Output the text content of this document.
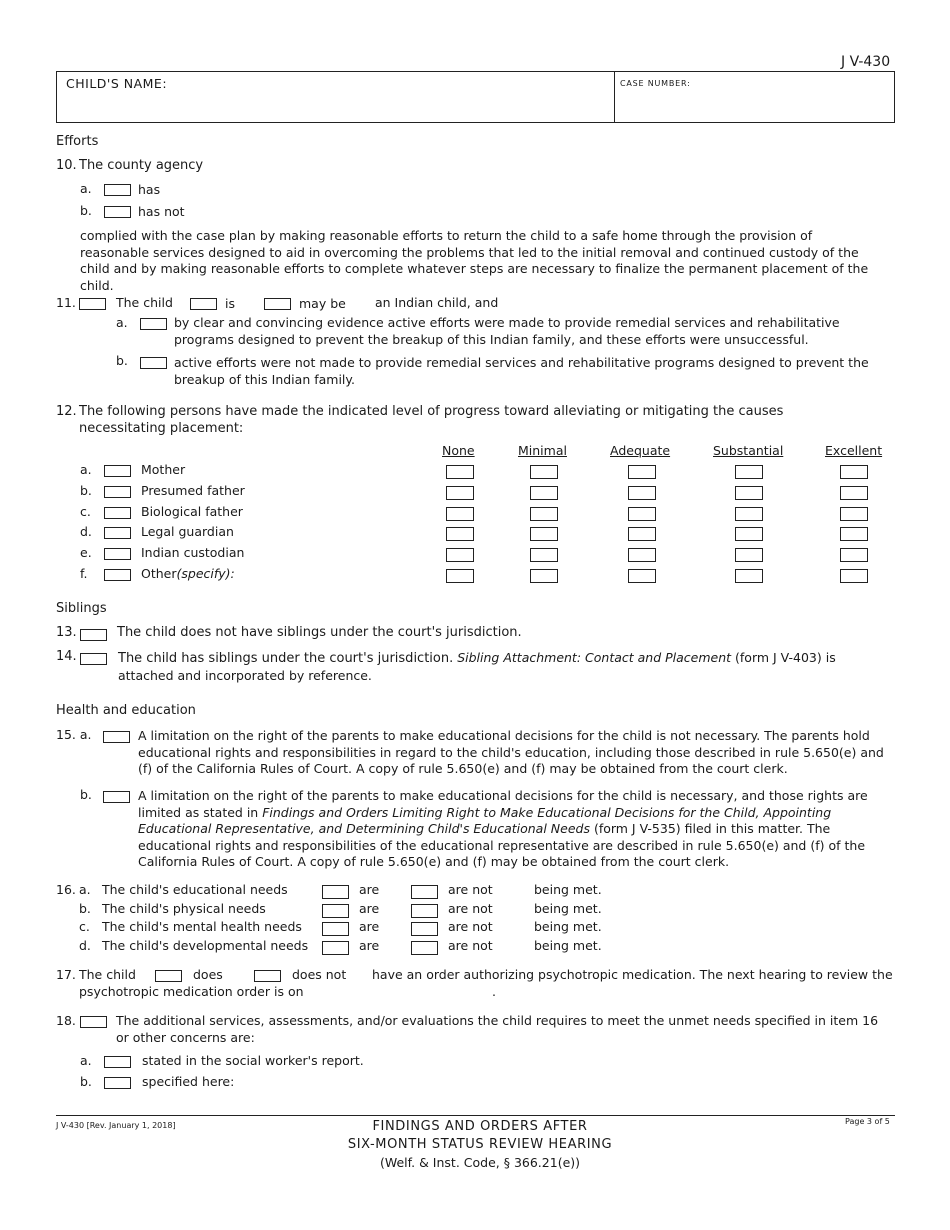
J V-430
CHILD'S NAME:	CASE NUMBER:
Efforts
10. The county agency
a.	has
b.	has not
complied with the case plan by making reasonable efforts to return the child to a safe home through the provision of reasonable services designed to aid in overcoming the problems that led to the initial removal and continued custody of the child and by making reasonable efforts to complete whatever steps are necessary to finalize the permanent placement of the child.
11.	The child	is	may be an Indian child, and
a.	by clear and convincing evidence active efforts were made to provide remedial services and rehabilitative programs designed to prevent the breakup of this Indian family, and these efforts were unsuccessful.
b.	active efforts were not made to provide remedial services and rehabilitative programs designed to prevent the breakup of this Indian family.
12. The following persons have made the indicated level of progress toward alleviating or mitigating the causes necessitating placement:
None	Minimal	Adequate	Substantial	Excellent
a.	Mother
b.	Presumed father
c.	Biological father
d.	Legal guardian
e.	Indian custodian
f.	Other(specify):
Siblings
13.	The child does not have siblings under the court's jurisdiction.
14.	The child has siblings under the court's jurisdiction. Sibling Attachment: Contact and Placement (form J V-403) is attached and incorporated by reference.
Health and education
15. a.	A limitation on the right of the parents to make educational decisions for the child is not necessary. The parents hold educational rights and responsibilities in regard to the child's education, including those described in rule 5.650(e) and (f) of the California Rules of Court. A copy of rule 5.650(e) and (f) may be obtained from the court clerk.
b.	A limitation on the right of the parents to make educational decisions for the child is necessary, and those rights are limited as stated in Findings and Orders Limiting Right to Make Educational Decisions for the Child, Appointing Educational Representative, and Determining Child's Educational Needs (form J V-535) filed in this matter. The educational rights and responsibilities of the educational representative are described in rule 5.650(e) and (f) of the California Rules of Court. A copy of rule 5.650(e) and (f) may be obtained from the court clerk.
16. a. The child's educational needs	are	are not	being met.
b. The child's physical needs	are	are not	being met.
c. The child's mental health needs	are	are not	being met.
d. The child's developmental needs	are	are not	being met.
17. The child	does	does not have an order authorizing psychotropic medication. The next hearing to review the
psychotropic medication order is on	.
18.	The additional services, assessments, and/or evaluations the child requires to meet the unmet needs specified in item 16 or other concerns are:
a.	stated in the social worker's report.
b.	specified here:
J V-430 [Rev. January 1, 2018]	FINDINGS AND ORDERS AFTER
SIX-MONTH STATUS REVIEW HEARING
(Welf. & Inst. Code, § 366.21(e))
Page 3 of 5
